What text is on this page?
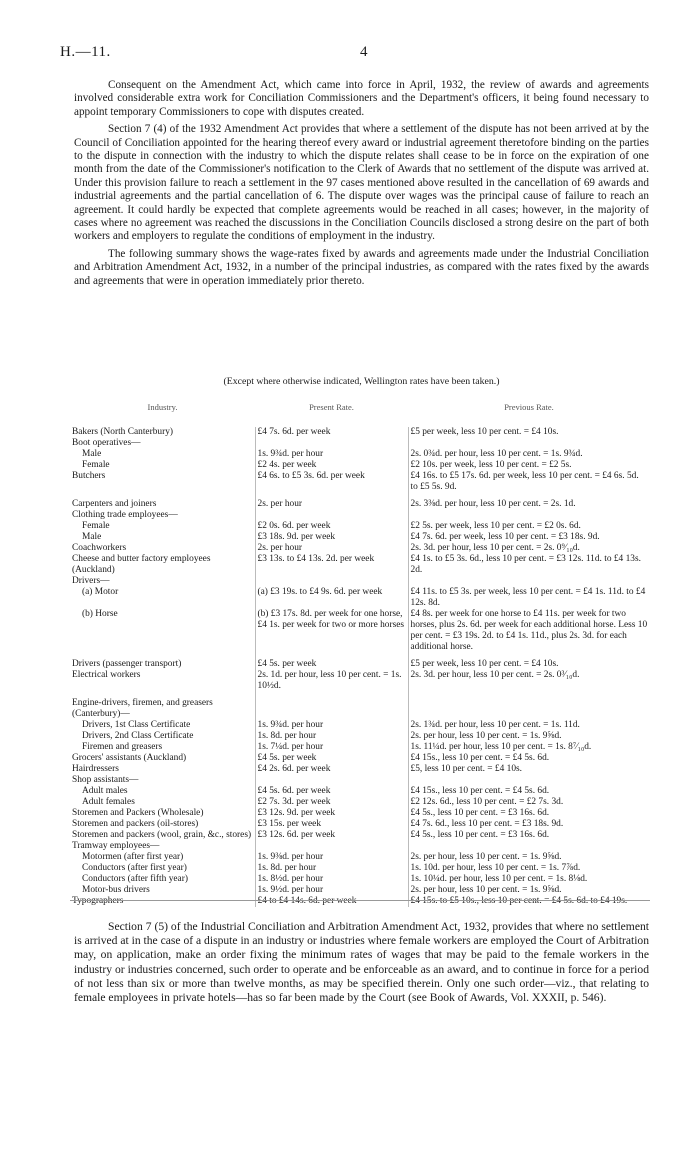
H.—11.	4

Consequent on the Amendment Act, which came into force in April, 1932, the review of awards and agreements involved considerable extra work for Conciliation Commissioners and the Department's officers, it being found necessary to appoint temporary Commissioners to cope with disputes created.

Section 7 (4) of the 1932 Amendment Act provides that where a settlement of the dispute has not been arrived at by the Council of Conciliation appointed for the hearing thereof every award or industrial agreement theretofore binding on the parties to the dispute in connection with the industry to which the dispute relates shall cease to be in force on the expiration of one month from the date of the Commissioner's notification to the Clerk of Awards that no settlement of the dispute was arrived at. Under this provision failure to reach a settlement in the 97 cases mentioned above resulted in the cancellation of 69 awards and industrial agreements and the partial cancellation of 6. The dispute over wages was the principal cause of failure to reach an agreement. It could hardly be expected that complete agreements would be reached in all cases; however, in the majority of cases where no agreement was reached the discussions in the Conciliation Councils disclosed a strong desire on the part of both workers and employers to regulate the conditions of employment in the industry.

The following summary shows the wage-rates fixed by awards and agreements made under the Industrial Conciliation and Arbitration Amendment Act, 1932, in a number of the principal industries, as compared with the rates fixed by the awards and agreements that were in operation immediately prior thereto.

(Except where otherwise indicated, Wellington rates have been taken.)
Industry.	Present Rate.	Previous Rate.
Bakers (North Canterbury)	£4 7s. 6d. per week	£5 per week, less 10 per cent. = £4 10s.
Boot operatives—		
Male	1s. 9¾d. per hour	2s. 0¾d. per hour, less 10 per cent. = 1s. 9¾d.
Female	£2 4s. per week	£2 10s. per week, less 10 per cent. = £2 5s.
Butchers	£4 6s. to £5 3s. 6d. per week	£4 16s. to £5 17s. 6d. per week, less 10 per cent. = £4 6s. 5d. to £5 5s. 9d.

Carpenters and joiners	2s. per hour	2s. 3⅜d. per hour, less 10 per cent. = 2s. 1d.
Clothing trade employees—		
Female	£2 0s. 6d. per week	£2 5s. per week, less 10 per cent. = £2 0s. 6d.
Male	£3 18s. 9d. per week	£4 7s. 6d. per week, less 10 per cent. = £3 18s. 9d.
Coachworkers	2s. per hour	2s. 3d. per hour, less 10 per cent. = 2s. 0⁹⁄₁₀d.
Cheese and butter factory employees (Auckland)	£3 13s. to £4 13s. 2d. per week	£4 1s. to £5 3s. 6d., less 10 per cent. = £3 12s. 11d. to £4 13s. 2d.
Drivers—		
(a) Motor	(a) £3 19s. to £4 9s. 6d. per week	£4 11s. to £5 3s. per week, less 10 per cent. = £4 1s. 11d. to £4 12s. 8d.
(b) Horse	(b) £3 17s. 8d. per week for one horse, £4 1s. per week for two or more horses	£4 8s. per week for one horse to £4 11s. per week for two horses, plus 2s. 6d. per week for each additional horse. Less 10 per cent. = £3 19s. 2d. to £4 1s. 11d., plus 2s. 3d. for each additional horse.

Drivers (passenger transport)	£4 5s. per week	£5 per week, less 10 per cent. = £4 10s.
Electrical workers	2s. 1d. per hour, less 10 per cent. = 1s. 10½d.	2s. 3d. per hour, less 10 per cent. = 2s. 0³⁄₁₀d.

Engine-drivers, firemen, and greasers (Canterbury)—		
Drivers, 1st Class Certificate	1s. 9¾d. per hour	2s. 1¾d. per hour, less 10 per cent. = 1s. 11d.
Drivers, 2nd Class Certificate	1s. 8d. per hour	2s. per hour, less 10 per cent. = 1s. 9⅝d.
Firemen and greasers	1s. 7¼d. per hour	1s. 11¼d. per hour, less 10 per cent. = 1s. 8⁷⁄₁₀d.
Grocers' assistants (Auckland)	£4 5s. per week	£4 15s., less 10 per cent. = £4 5s. 6d.
Hairdressers	£4 2s. 6d. per week	£5, less 10 per cent. = £4 10s.
Shop assistants—		
Adult males	£4 5s. 6d. per week	£4 15s., less 10 per cent. = £4 5s. 6d.
Adult females	£2 7s. 3d. per week	£2 12s. 6d., less 10 per cent. = £2 7s. 3d.
Storemen and Packers (Wholesale)	£3 12s. 9d. per week	£4 5s., less 10 per cent. = £3 16s. 6d.
Storemen and packers (oil-stores)	£3 15s. per week	£4 7s. 6d., less 10 per cent. = £3 18s. 9d.
Storemen and packers (wool, grain, &c., stores)	£3 12s. 6d. per week	£4 5s., less 10 per cent. = £3 16s. 6d.
Tramway employees—		
Motormen (after first year)	1s. 9⅜d. per hour	2s. per hour, less 10 per cent. = 1s. 9⅝d.
Conductors (after first year)	1s. 8d. per hour	1s. 10d. per hour, less 10 per cent. = 1s. 7⅞d.
Conductors (after fifth year)	1s. 8½d. per hour	1s. 10¼d. per hour, less 10 per cent. = 1s. 8⅛d.
Motor-bus drivers	1s. 9½d. per hour	2s. per hour, less 10 per cent. = 1s. 9⅝d.
Typographers	£4 to £4 14s. 6d. per week	£4 15s. to £5 10s., less 10 per cent. = £4 5s. 6d. to £4 19s.

Section 7 (5) of the Industrial Conciliation and Arbitration Amendment Act, 1932, provides that where no settlement is arrived at in the case of a dispute in an industry or industries where female workers are employed the Court of Arbitration may, on application, make an order fixing the minimum rates of wages that may be paid to the female workers in the industry or industries concerned, such order to operate and be enforceable as an award, and to continue in force for a period of not less than six or more than twelve months, as may be specified therein. Only one such order—viz., that relating to female employees in private hotels—has so far been made by the Court (see Book of Awards, Vol. XXXII, p. 546).
